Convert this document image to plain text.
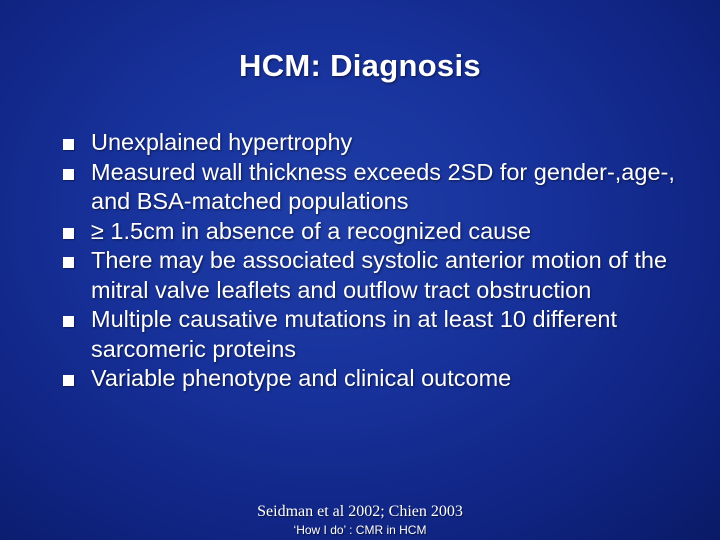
HCM: Diagnosis
Unexplained hypertrophy
Measured wall thickness exceeds 2SD for gender-,age-, and BSA-matched populations
≥ 1.5cm in absence of a recognized cause
There may be associated systolic anterior motion of the mitral valve leaflets and outflow tract obstruction
Multiple causative mutations in at least 10 different sarcomeric proteins
Variable phenotype and clinical outcome
Seidman et al 2002; Chien 2003
‘How I do’ : CMR in HCM
